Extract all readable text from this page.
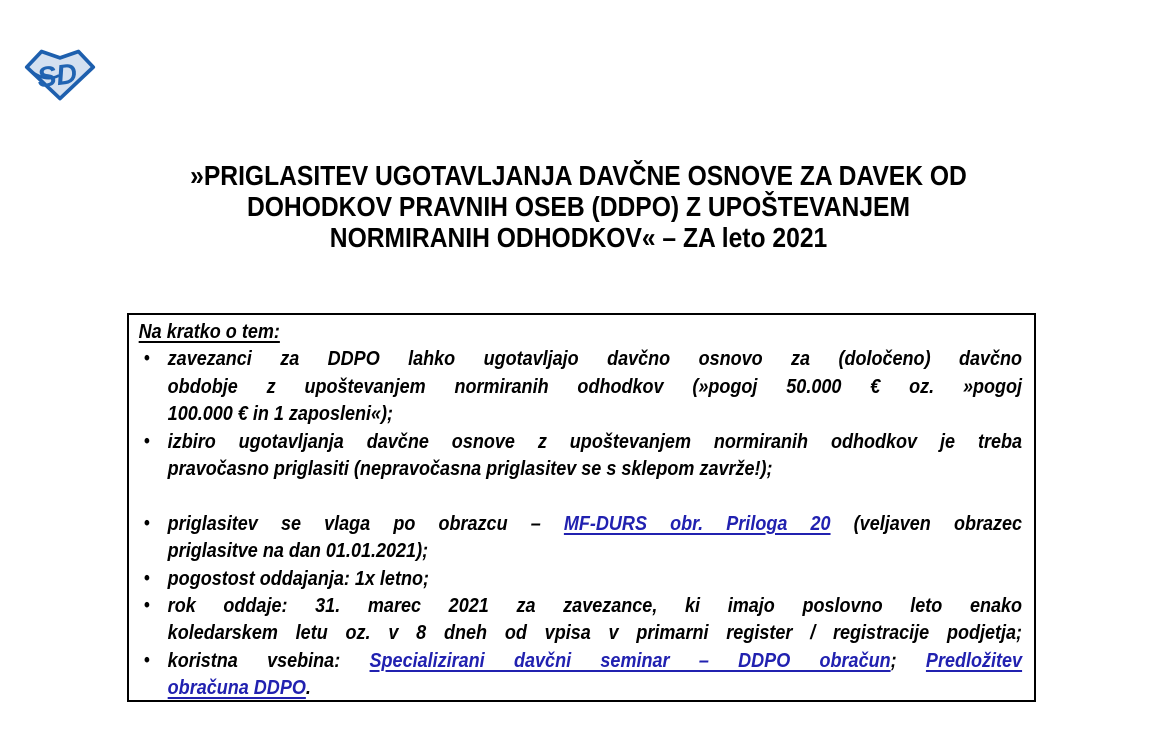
SD
»PRIGLASITEV UGOTAVLJANJA DAVČNE OSNOVE ZA DAVEK OD
DOHODKOV PRAVNIH OSEB (DDPO) Z UPOŠTEVANJEM
NORMIRANIH ODHODKOV« – ZA leto 2021
Na kratko o tem:
• zavezanci za DDPO lahko ugotavljajo davčno osnovo za (določeno) davčno
obdobje z upoštevanjem normiranih odhodkov (»pogoj 50.000 € oz. »pogoj
100.000 € in 1 zaposleni«);
• izbiro ugotavljanja davčne osnove z upoštevanjem normiranih odhodkov je treba
pravočasno priglasiti (nepravočasna priglasitev se s sklepom zavrže!);
• priglasitev se vlaga po obrazcu – MF-DURS obr. Priloga 20 (veljaven obrazec
priglasitve na dan 01.01.2021);
• pogostost oddajanja: 1x letno;
• rok oddaje: 31. marec 2021 za zavezance, ki imajo poslovno leto enako
koledarskem letu oz. v 8 dneh od vpisa v primarni register / registracije podjetja;
• koristna vsebina: Specializirani davčni seminar – DDPO obračun; Predložitev
obračuna DDPO.
